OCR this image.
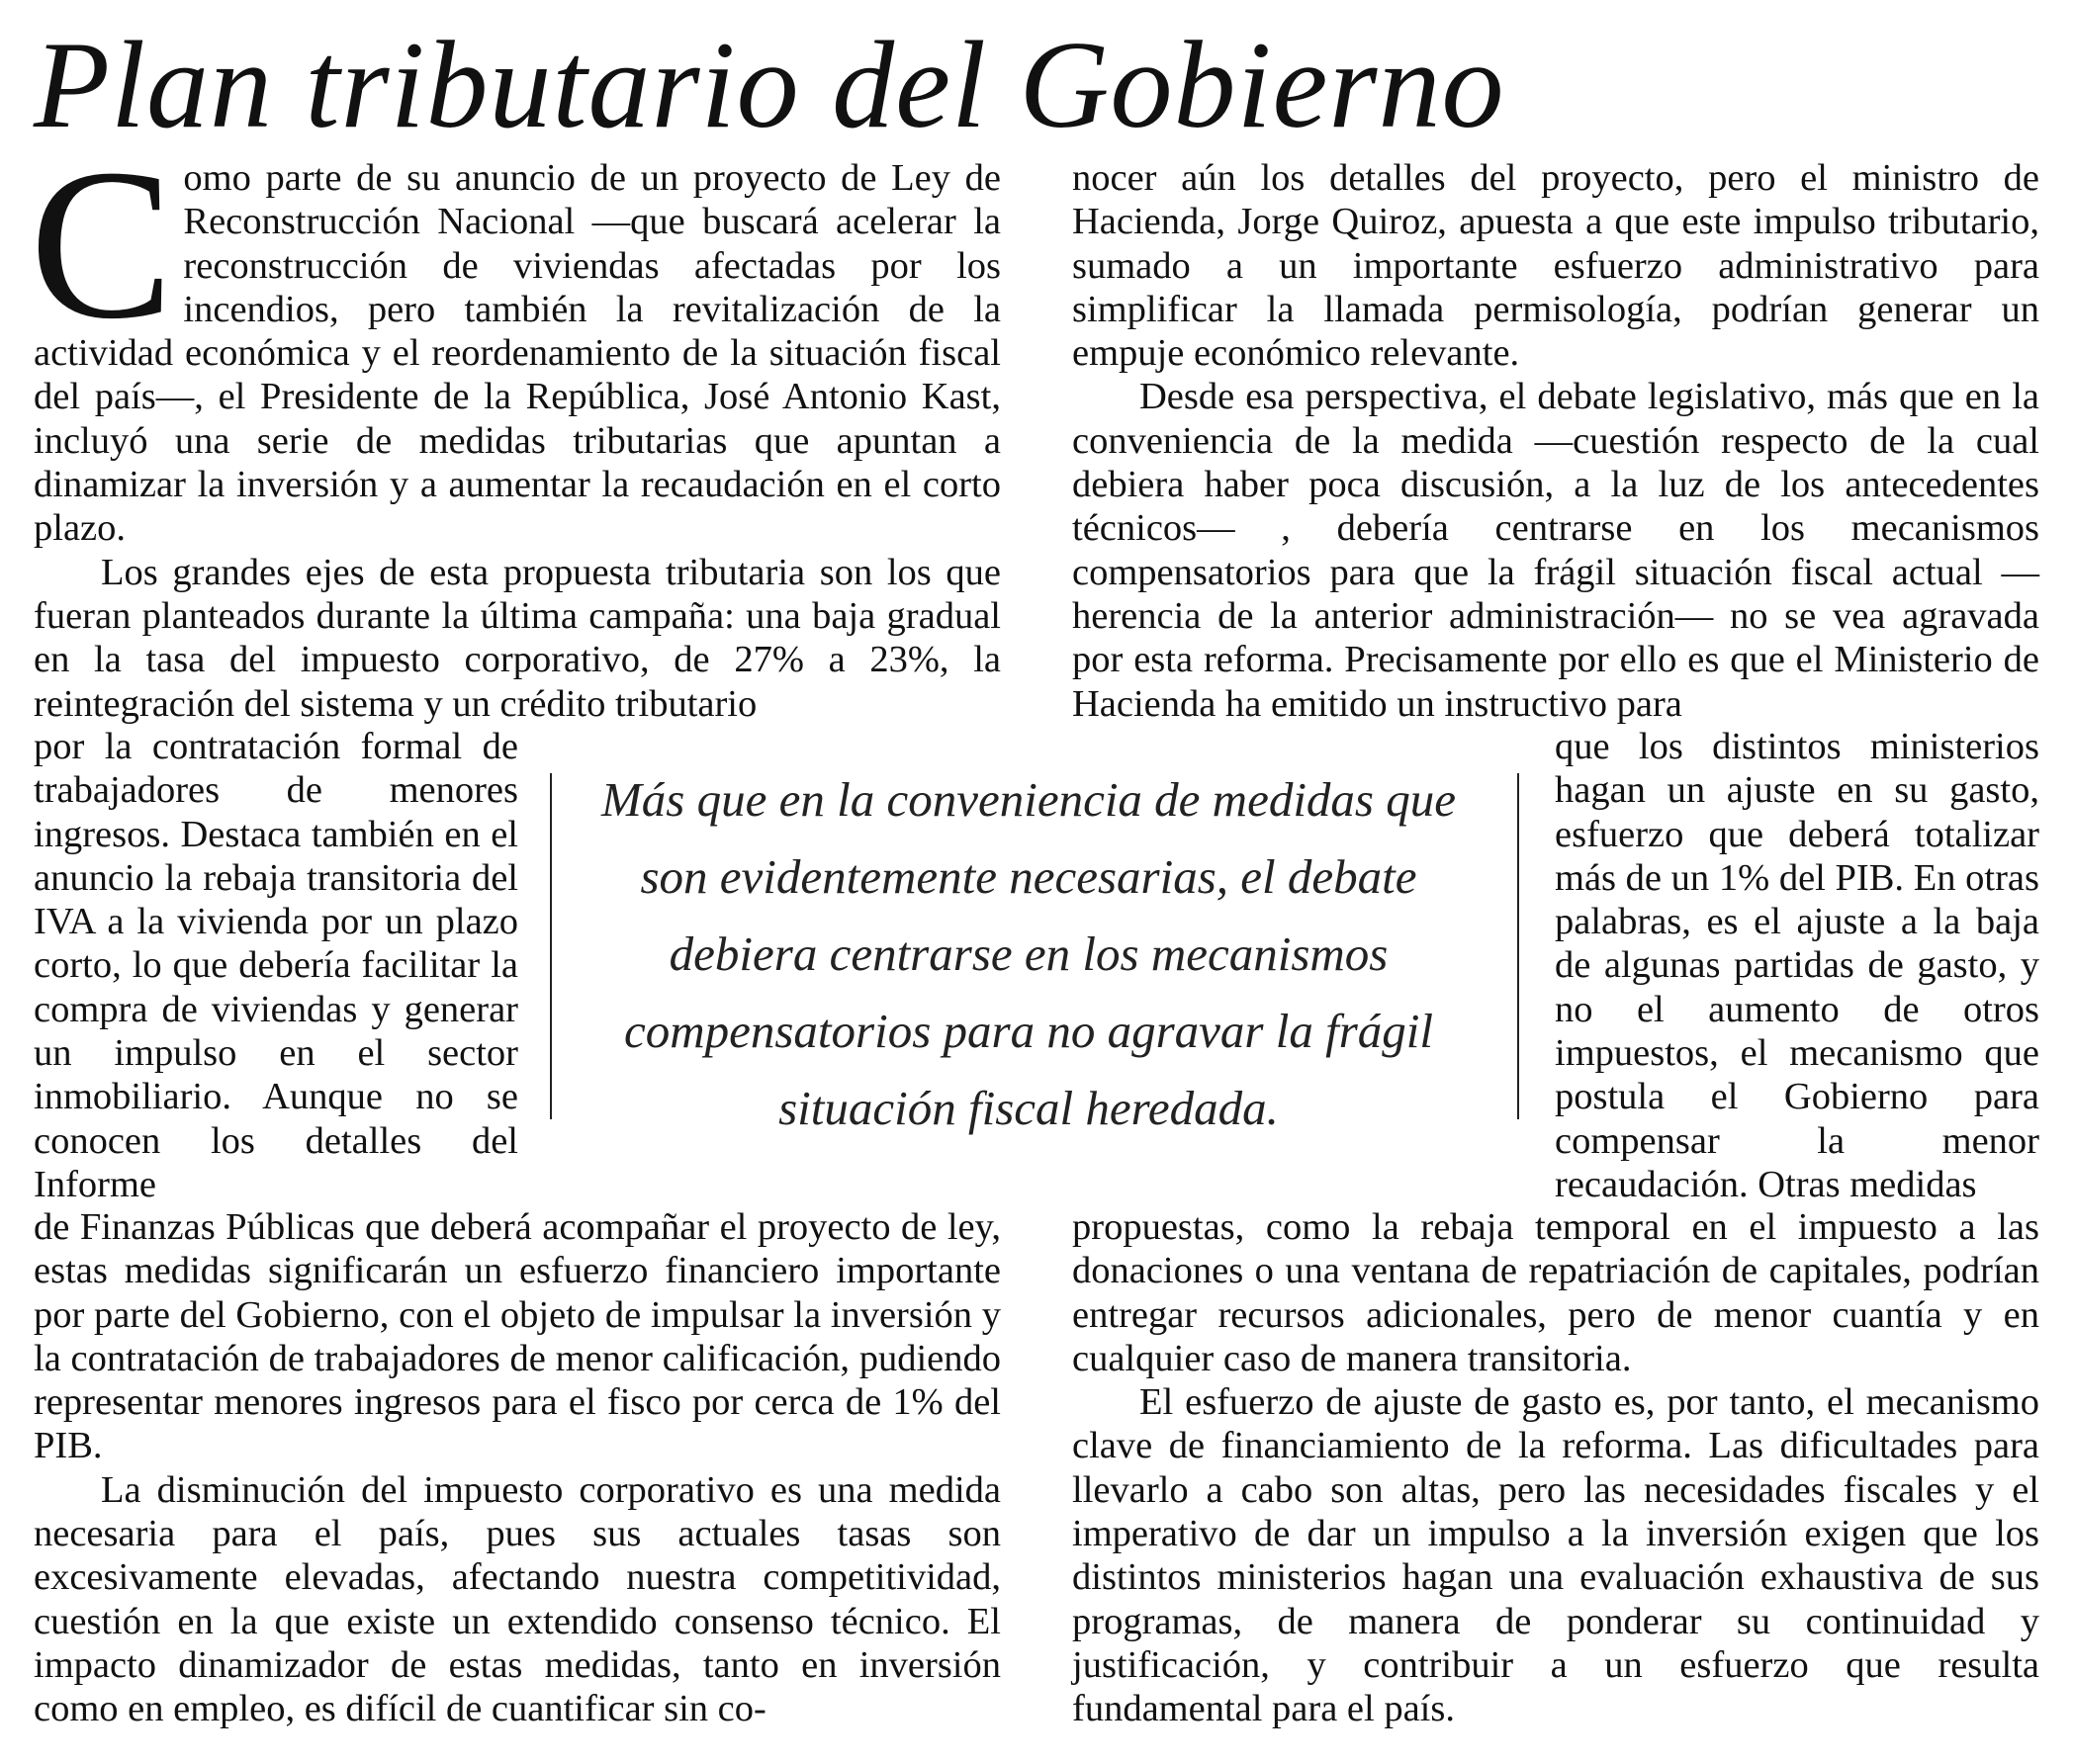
Plan tributario del Gobierno

Como parte de su anuncio de un proyecto de Ley de Reconstrucción Nacional —que buscará acelerar la reconstrucción de viviendas afectadas por los incendios, pero también la revitalización de la actividad económica y el reordenamiento de la situación fiscal del país—, el Presidente de la República, José Antonio Kast, incluyó una serie de medidas tributarias que apuntan a dinamizar la inversión y a aumentar la recaudación en el corto plazo.

Los grandes ejes de esta propuesta tributaria son los que fueran planteados durante la última campaña: una baja gradual en la tasa del impuesto corporativo, de 27% a 23%, la reintegración del sistema y un crédito tributario

por la contratación formal de trabajadores de menores ingresos. Destaca también en el anuncio la rebaja transitoria del IVA a la vivienda por un plazo corto, lo que debería facilitar la compra de viviendas y generar un impulso en el sector inmobiliario. Aunque no se conocen los detalles del Informe

de Finanzas Públicas que deberá acompañar el proyecto de ley, estas medidas significarán un esfuerzo financiero importante por parte del Gobierno, con el objeto de impulsar la inversión y la contratación de trabajadores de menor calificación, pudiendo representar menores ingresos para el fisco por cerca de 1% del PIB.

La disminución del impuesto corporativo es una medida necesaria para el país, pues sus actuales tasas son excesivamente elevadas, afectando nuestra competitividad, cuestión en la que existe un extendido consenso técnico. El impacto dinamizador de estas medidas, tanto en inversión como en empleo, es difícil de cuantificar sin co-

nocer aún los detalles del proyecto, pero el ministro de Hacienda, Jorge Quiroz, apuesta a que este impulso tributario, sumado a un importante esfuerzo administrativo para simplificar la llamada permisología, podrían generar un empuje económico relevante.

Desde esa perspectiva, el debate legislativo, más que en la conveniencia de la medida —cuestión respecto de la cual debiera haber poca discusión, a la luz de los antecedentes técnicos— , debería centrarse en los mecanismos compensatorios para que la frágil situación fiscal actual —herencia de la anterior administración— no se vea agravada por esta reforma. Precisamente por ello es que el Ministerio de Hacienda ha emitido un instructivo para

que los distintos ministerios hagan un ajuste en su gasto, esfuerzo que deberá totalizar más de un 1% del PIB. En otras palabras, es el ajuste a la baja de algunas partidas de gasto, y no el aumento de otros impuestos, el mecanismo que postula el Gobierno para compensar la menor recaudación. Otras medidas

propuestas, como la rebaja temporal en el impuesto a las donaciones o una ventana de repatriación de capitales, podrían entregar recursos adicionales, pero de menor cuantía y en cualquier caso de manera transitoria.

El esfuerzo de ajuste de gasto es, por tanto, el mecanismo clave de financiamiento de la reforma. Las dificultades para llevarlo a cabo son altas, pero las necesidades fiscales y el imperativo de dar un impulso a la inversión exigen que los distintos ministerios hagan una evaluación exhaustiva de sus programas, de manera de ponderar su continuidad y justificación, y contribuir a un esfuerzo que resulta fundamental para el país.

Más que en la conveniencia de medidas que son evidentemente necesarias, el debate debiera centrarse en los mecanismos compensatorios para no agravar la frágil situación fiscal heredada.
